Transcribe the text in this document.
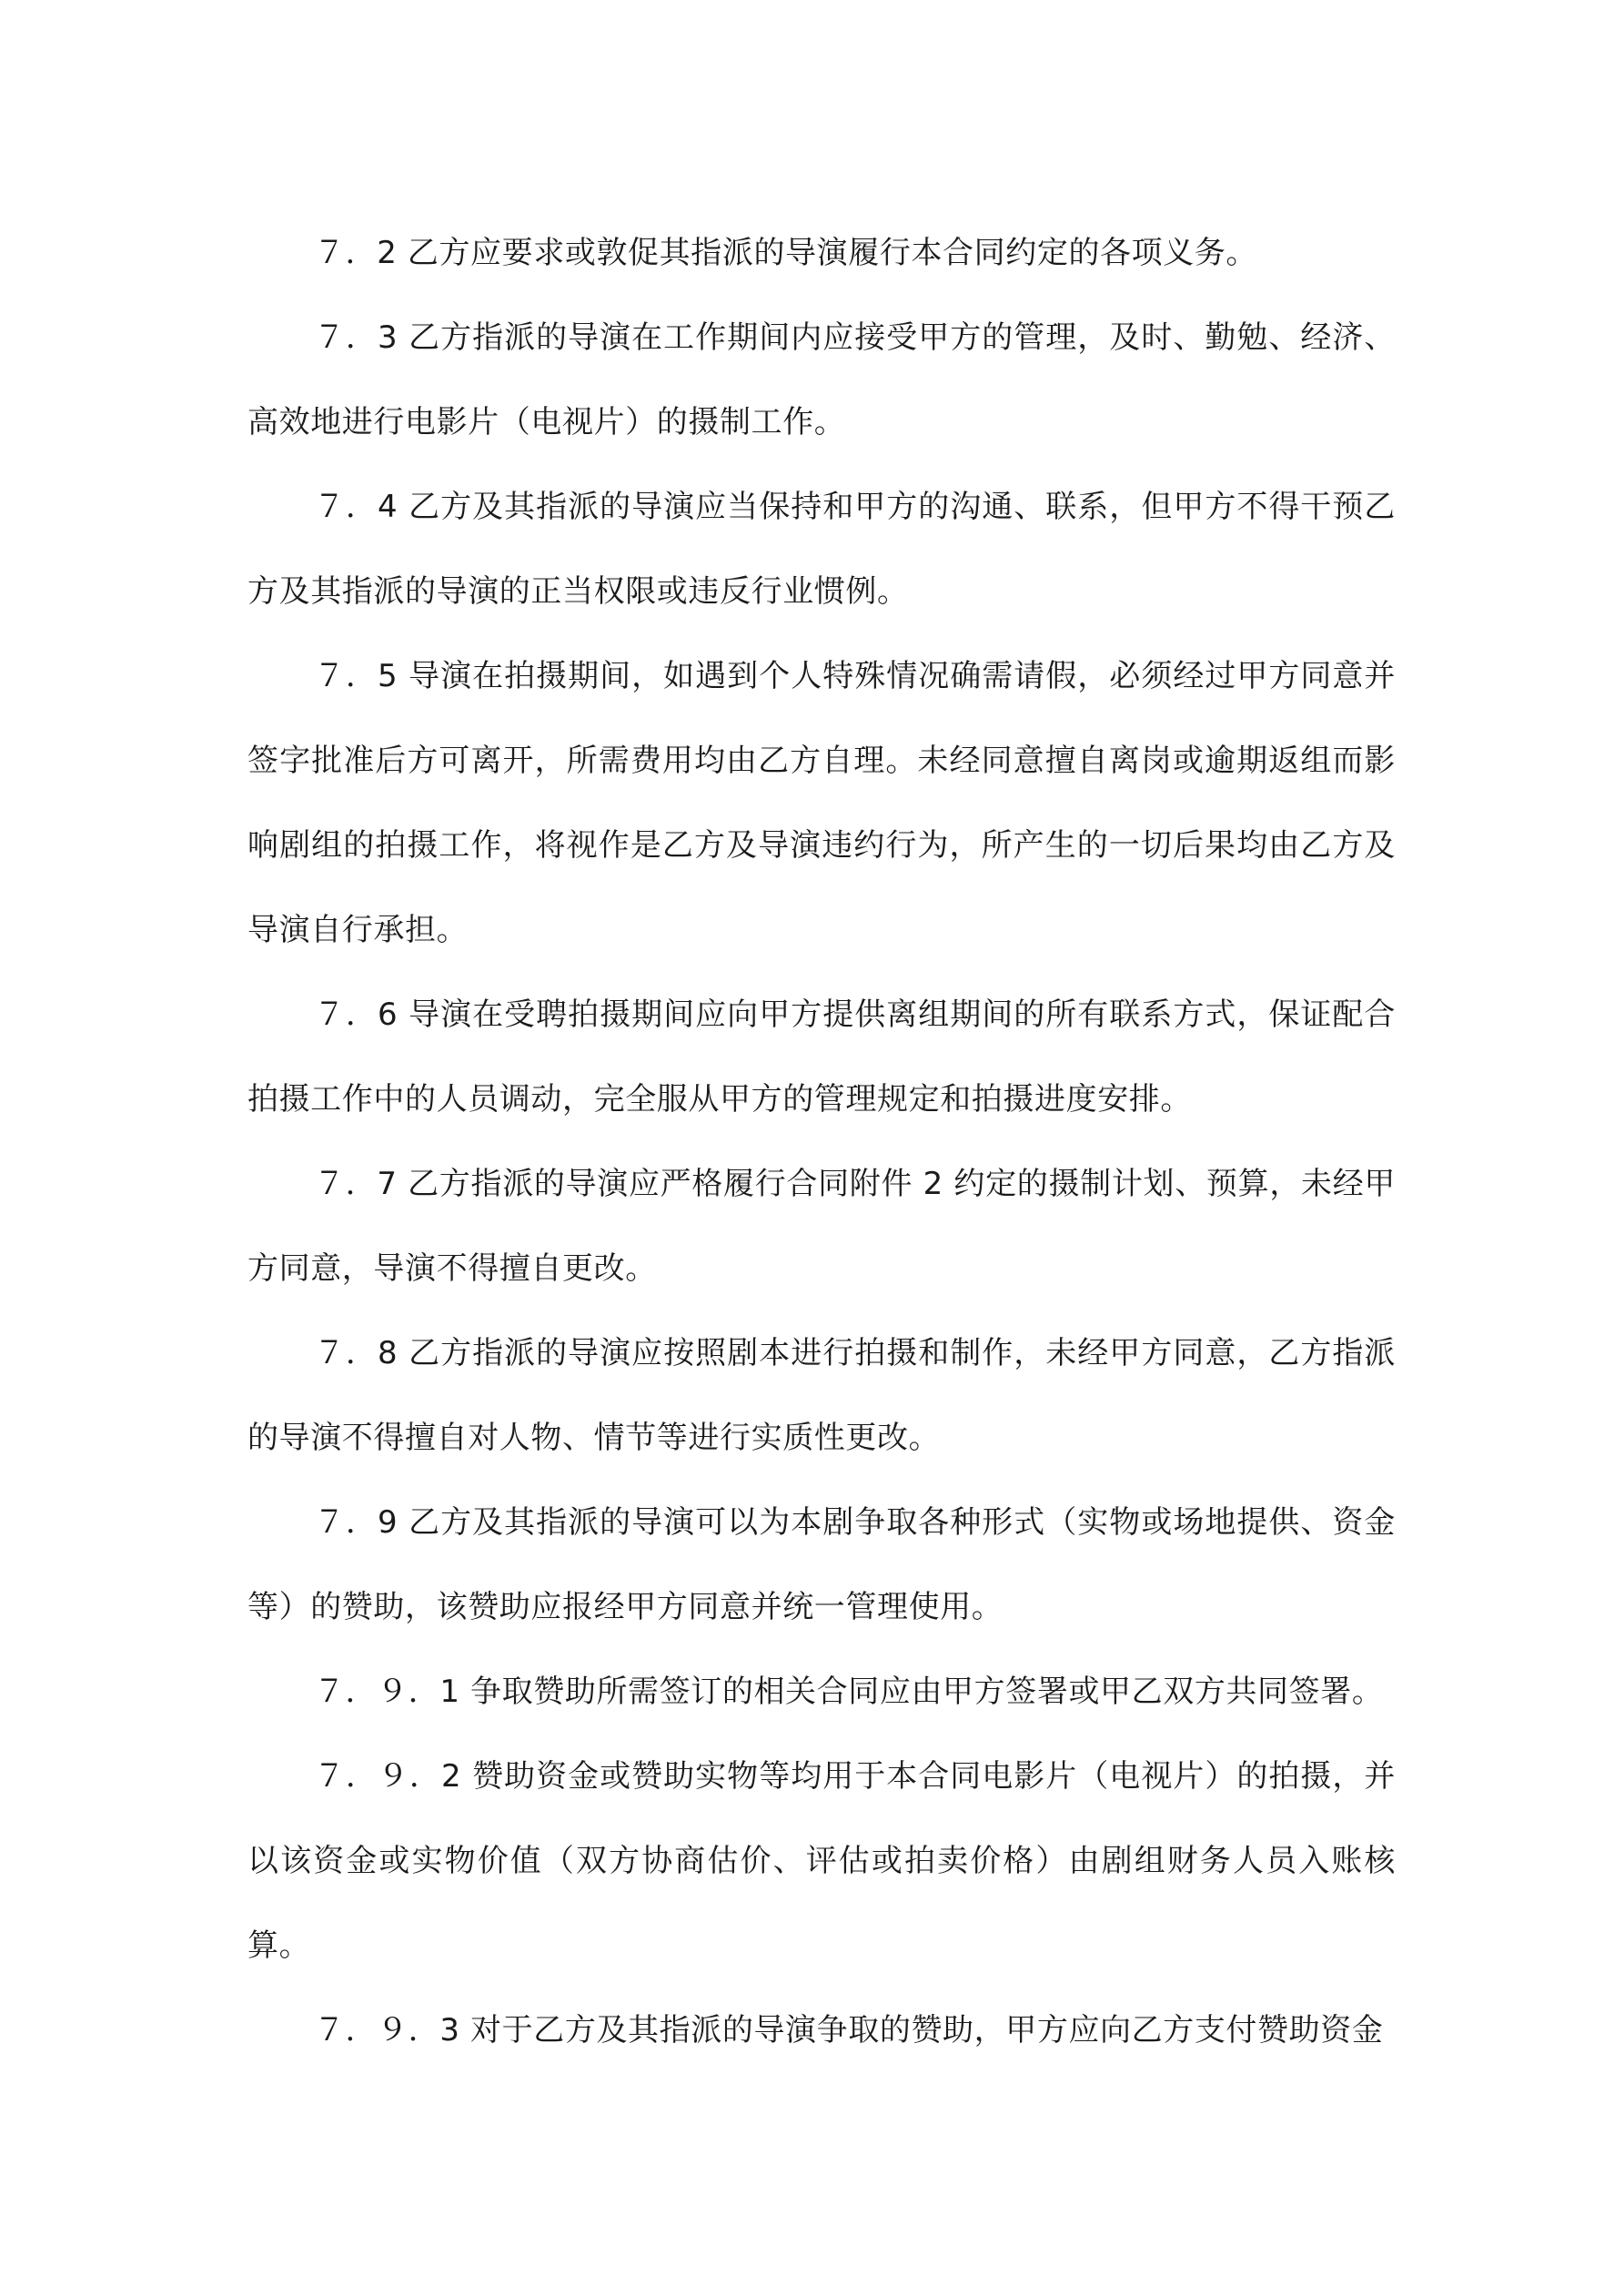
７．2 乙方应要求或敦促其指派的导演履行本合同约定的各项义务。

７．3 乙方指派的导演在工作期间内应接受甲方的管理，及时、勤勉、经济、高效地进行电影片（电视片）的摄制工作。

７．4 乙方及其指派的导演应当保持和甲方的沟通、联系，但甲方不得干预乙方及其指派的导演的正当权限或违反行业惯例。

７．5 导演在拍摄期间，如遇到个人特殊情况确需请假，必须经过甲方同意并签字批准后方可离开，所需费用均由乙方自理。未经同意擅自离岗或逾期返组而影响剧组的拍摄工作，将视作是乙方及导演违约行为，所产生的一切后果均由乙方及导演自行承担。

７．6 导演在受聘拍摄期间应向甲方提供离组期间的所有联系方式，保证配合拍摄工作中的人员调动，完全服从甲方的管理规定和拍摄进度安排。

７．7 乙方指派的导演应严格履行合同附件 2 约定的摄制计划、预算，未经甲方同意，导演不得擅自更改。

７．8 乙方指派的导演应按照剧本进行拍摄和制作，未经甲方同意，乙方指派的导演不得擅自对人物、情节等进行实质性更改。

７．9 乙方及其指派的导演可以为本剧争取各种形式（实物或场地提供、资金等）的赞助，该赞助应报经甲方同意并统一管理使用。

７．９．1 争取赞助所需签订的相关合同应由甲方签署或甲乙双方共同签署。

７．９．2 赞助资金或赞助实物等均用于本合同电影片（电视片）的拍摄，并以该资金或实物价值（双方协商估价、评估或拍卖价格）由剧组财务人员入账核算。

７．９．3 对于乙方及其指派的导演争取的赞助，甲方应向乙方支付赞助资金
